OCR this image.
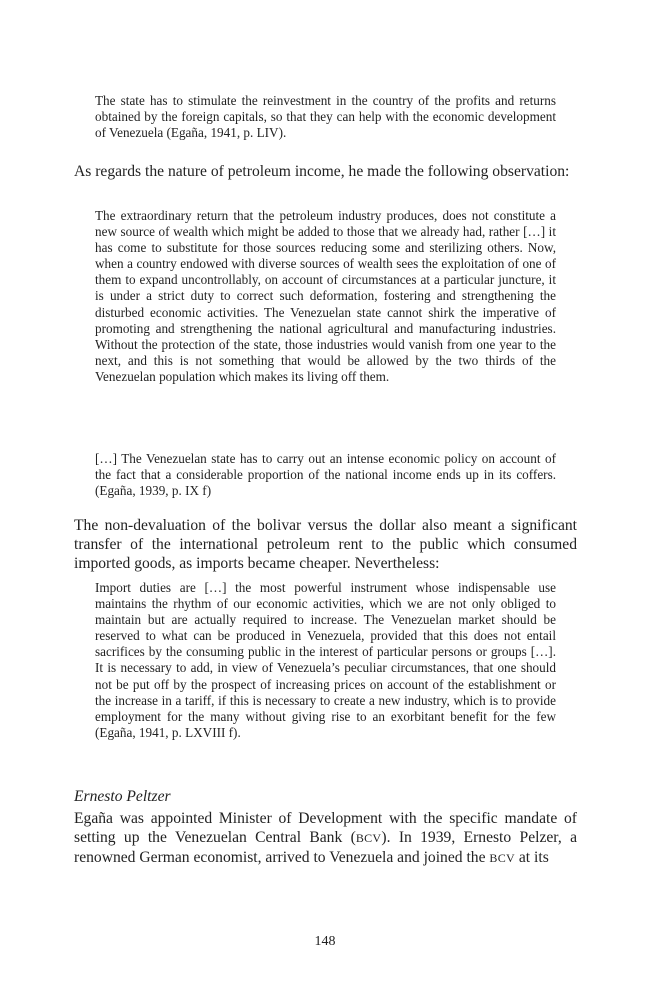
The state has to stimulate the reinvestment in the country of the profits and returns obtained by the foreign capitals, so that they can help with the economic development of Venezuela (Egaña, 1941, p. LIV).

As regards the nature of petroleum income, he made the following observation:

The extraordinary return that the petroleum industry produces, does not constitute a new source of wealth which might be added to those that we already had, rather […] it has come to substitute for those sources reducing some and sterilizing others. Now, when a country endowed with diverse sources of wealth sees the exploitation of one of them to expand uncontrollably, on account of circumstances at a particular juncture, it is under a strict duty to correct such deformation, fostering and strengthening the disturbed economic activities. The Venezuelan state cannot shirk the imperative of promoting and strengthening the national agricultural and manufacturing industries. Without the protection of the state, those industries would vanish from one year to the next, and this is not something that would be allowed by the two thirds of the Venezuelan population which makes its living off them.

[…] The Venezuelan state has to carry out an intense economic policy on account of the fact that a considerable proportion of the national income ends up in its coffers. (Egaña, 1939, p. IX f)

The non-devaluation of the bolivar versus the dollar also meant a significant transfer of the international petroleum rent to the public which consumed imported goods, as imports became cheaper. Nevertheless:

Import duties are […] the most powerful instrument whose indispensable use maintains the rhythm of our economic activities, which we are not only obliged to maintain but are actually required to increase. The Venezuelan market should be reserved to what can be produced in Venezuela, provided that this does not entail sacrifices by the consuming public in the interest of particular persons or groups […]. It is necessary to add, in view of Venezuela’s peculiar circumstances, that one should not be put off by the prospect of increasing prices on account of the establishment or the increase in a tariff, if this is necessary to create a new industry, which is to provide employment for the many without giving rise to an exorbitant benefit for the few (Egaña, 1941, p. LXVIII f).

Ernesto Peltzer

Egaña was appointed Minister of Development with the specific mandate of setting up the Venezuelan Central Bank (BCV). In 1939, Ernesto Pelzer, a renowned German economist, arrived to Venezuela and joined the BCV at its

148
